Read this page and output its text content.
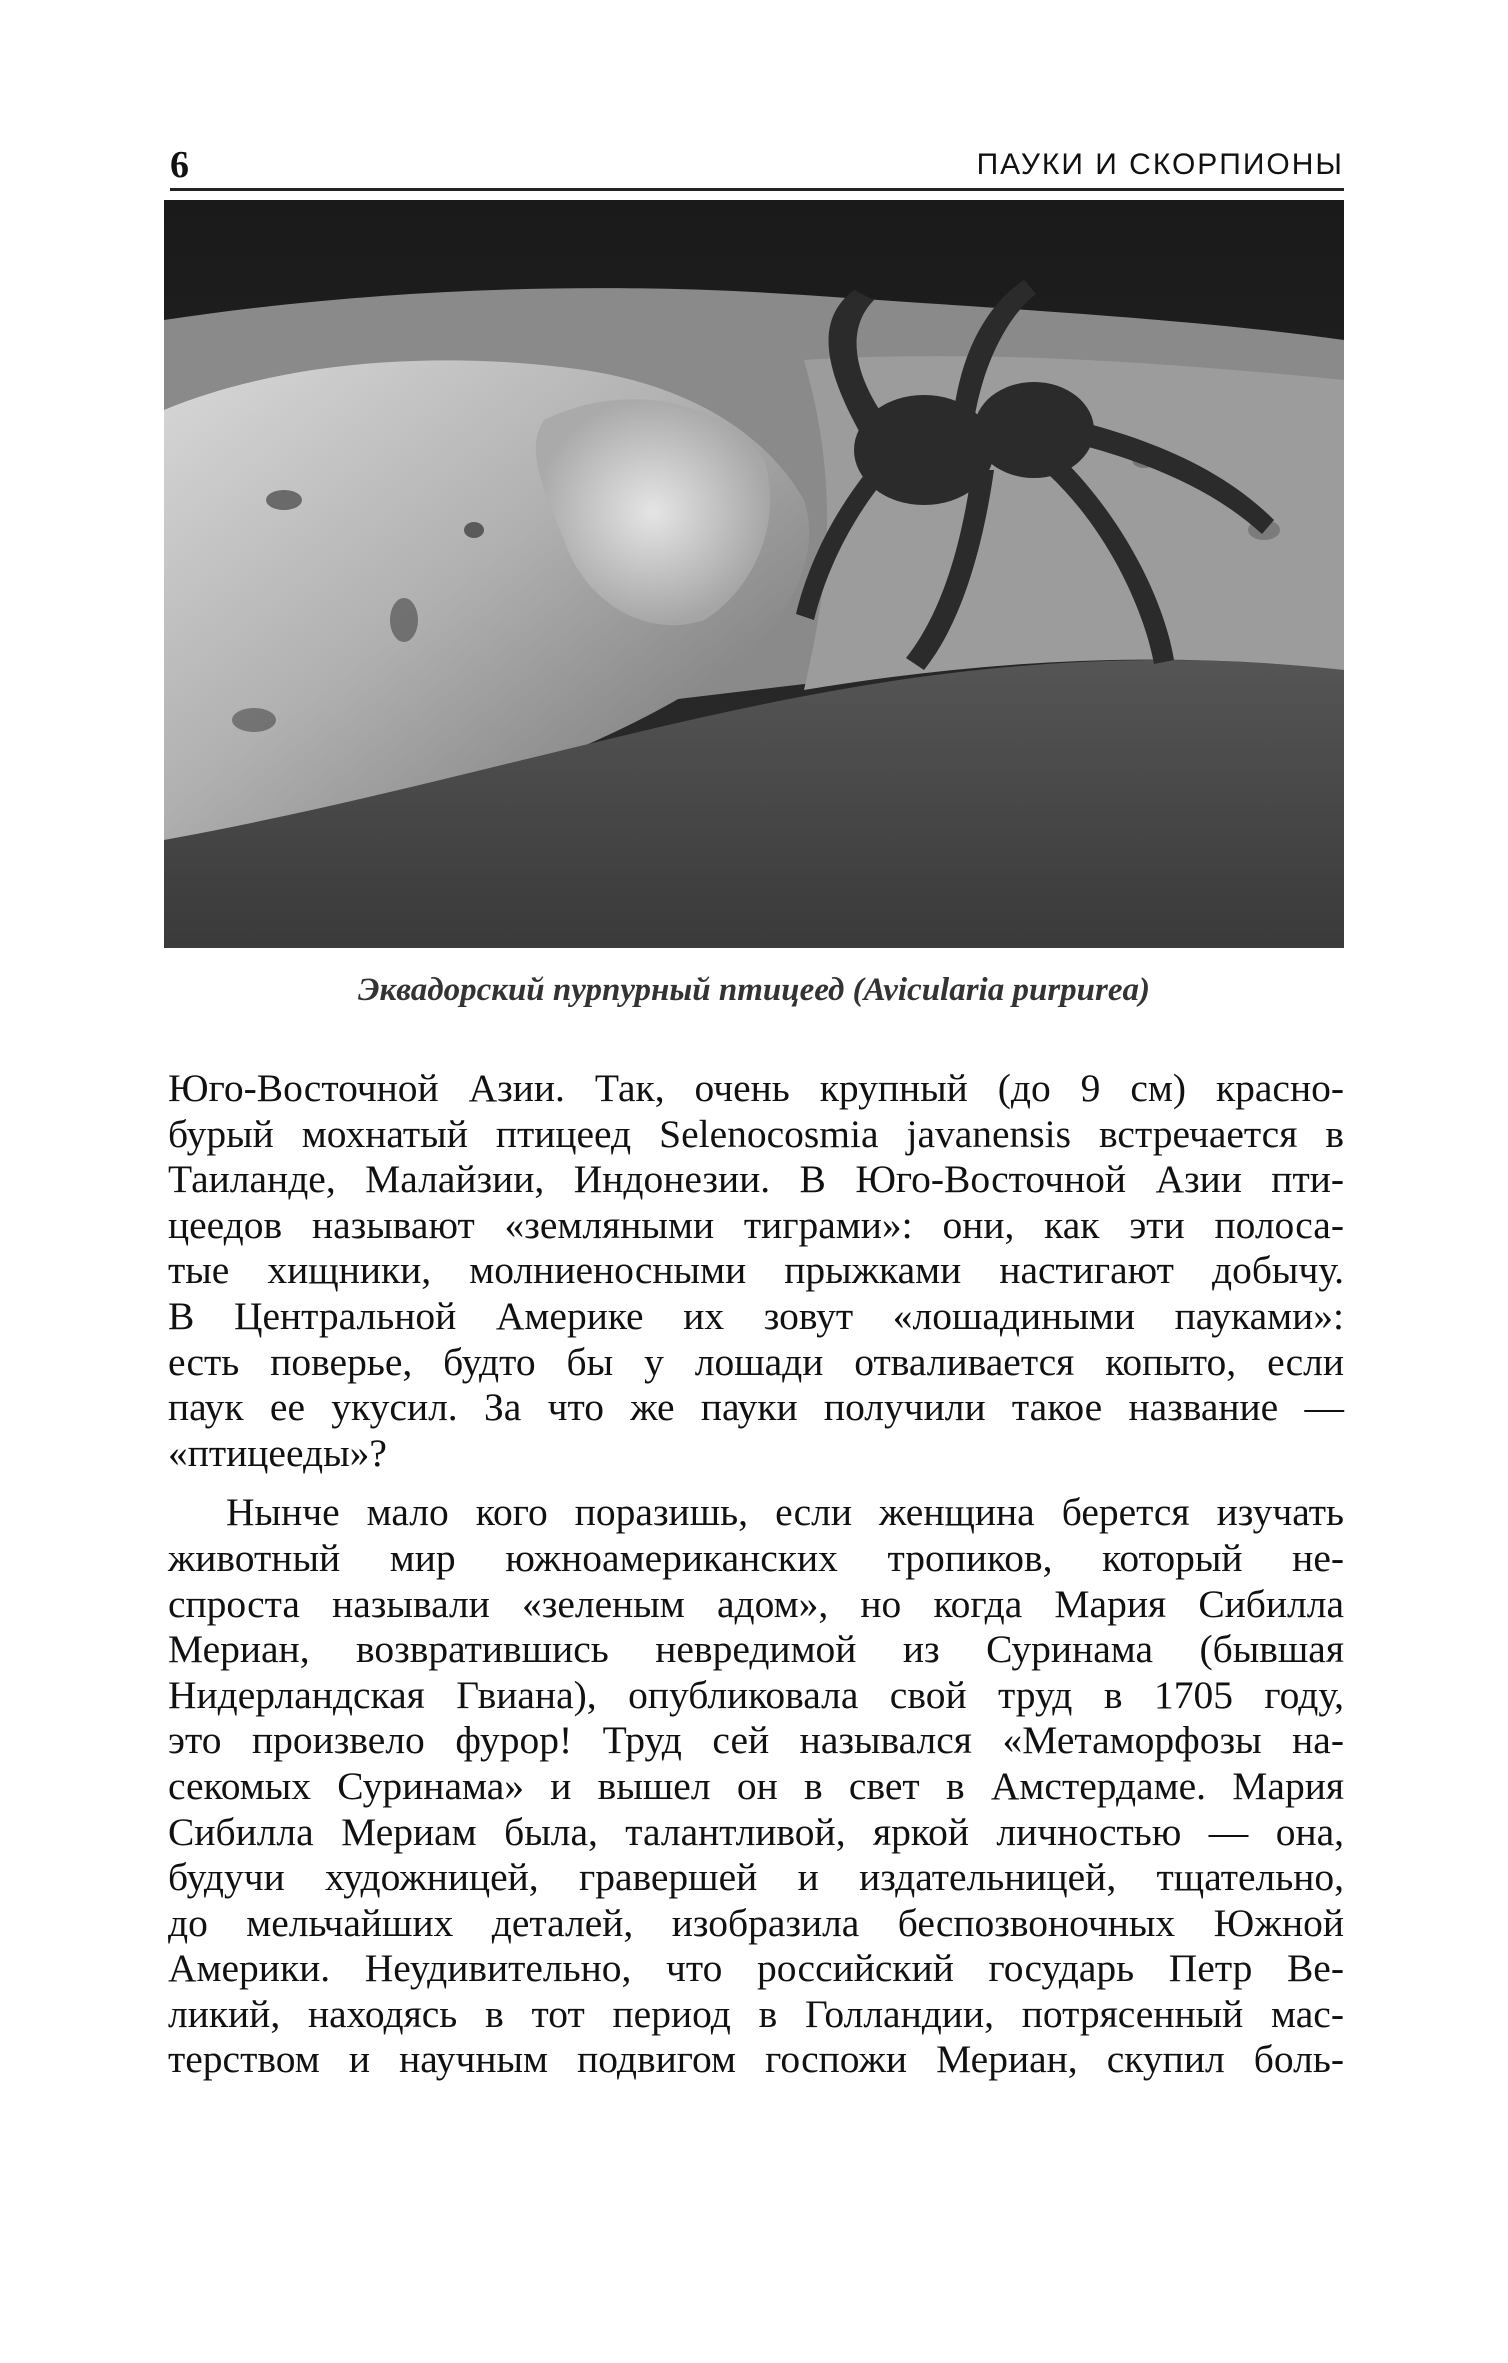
6	ПАУКИ И СКОРПИОНЫ
Эквадорский пурпурный птицеед (Avicularia purpurea)
Юго-Восточной Азии. Так, очень крупный (до 9 см) красно-
бурый мохнатый птицеед Selenocosmia javanensis встречается в
Таиланде, Малайзии, Индонезии. В Юго-Восточной Азии пти-
цеедов называют «земляными тиграми»: они, как эти полоса-
тые хищники, молниеносными прыжками настигают добычу.
В Центральной Америке их зовут «лошадиными пауками»:
есть поверье, будто бы у лошади отваливается копыто, если
паук ее укусил. За что же пауки получили такое название —
«птицееды»?
Нынче мало кого поразишь, если женщина берется изучать
животный мир южноамериканских тропиков, который не-
спроста называли «зеленым адом», но когда Мария Сибилла
Мериан, возвратившись невредимой из Суринама (бывшая
Нидерландская Гвиана), опубликовала свой труд в 1705 году,
это произвело фурор! Труд сей назывался «Метаморфозы на-
секомых Суринама» и вышел он в свет в Амстердаме. Мария
Сибилла Мериам была, талантливой, яркой личностью — она,
будучи художницей, гравершей и издательницей, тщательно,
до мельчайших деталей, изобразила беспозвоночных Южной
Америки. Неудивительно, что российский государь Петр Ве-
ликий, находясь в тот период в Голландии, потрясенный мас-
терством и научным подвигом госпожи Мериан, скупил боль-
